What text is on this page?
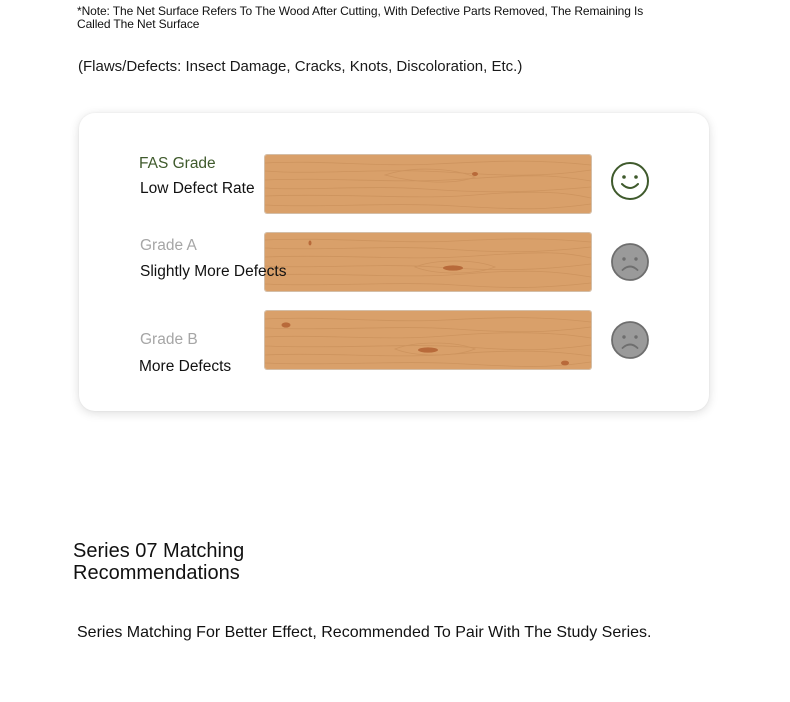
*Note: The Net Surface Refers To The Wood After Cutting, With Defective Parts Removed, The Remaining Is Called The Net Surface
(Flaws/Defects: Insect Damage, Cracks, Knots, Discoloration, Etc.)
FAS Grade
Low Defect Rate
Grade A
Slightly More Defects
Grade B
More Defects
Series 07 Matching Recommendations
Series Matching For Better Effect, Recommended To Pair With The Study Series.
